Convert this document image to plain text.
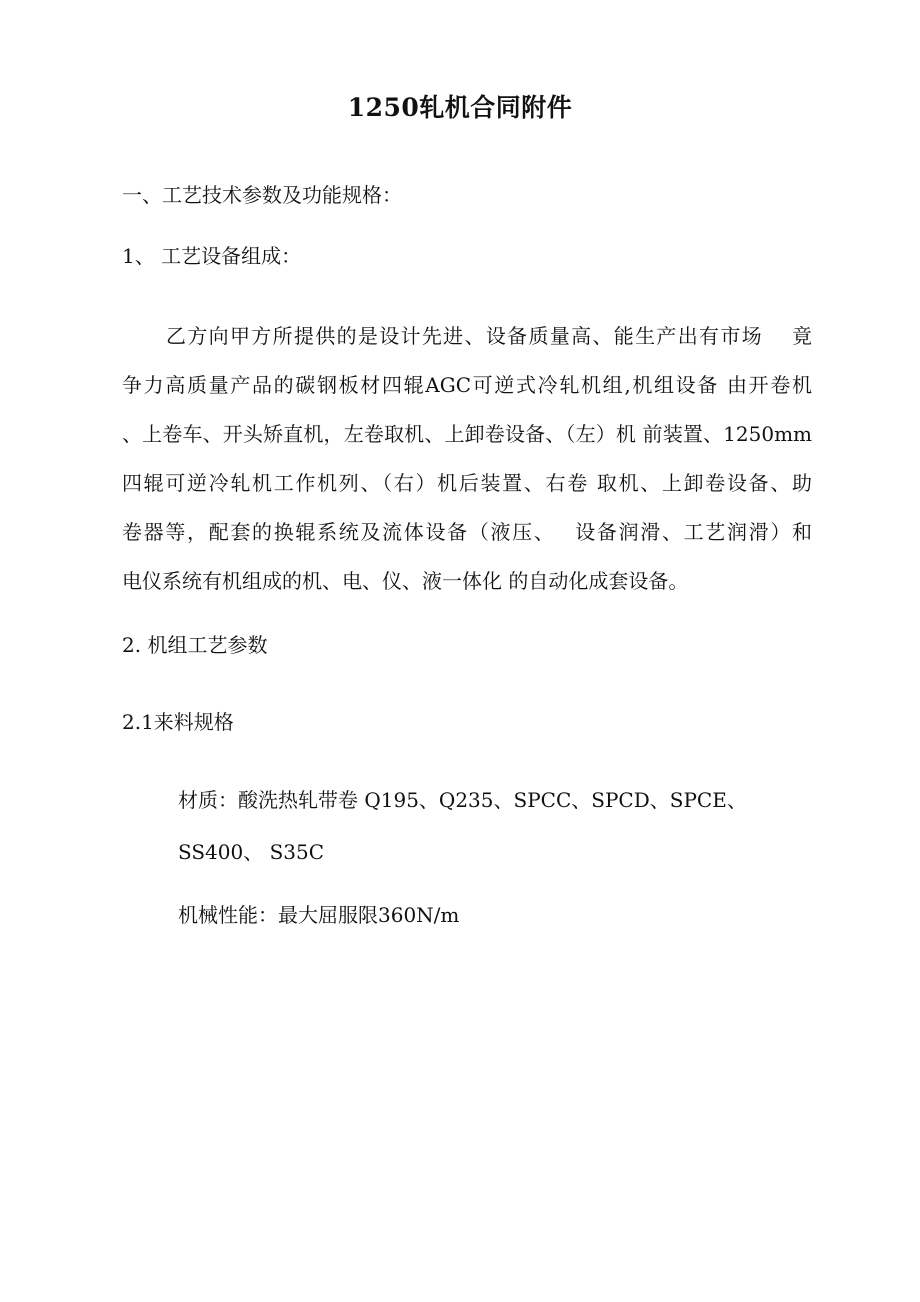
1250轧机合同附件
一、工艺技术参数及功能规格：
1、 工艺设备组成：
乙方向甲方所提供的是设计先进、设备质量高、能生产出有市场　 竟
争力高质量产品的碳钢板材四辊AGC可逆式冷轧机组,机组设备 由开卷机
、上卷车、开头矫直机，左卷取机、上卸卷设备、（左）机 前装置、1250mm
四辊可逆冷轧机工作机列、（右）机后装置、右卷 取机、上卸卷设备、助
卷器等，配套的换辊系统及流体设备（液压、　 设备润滑、工艺润滑）和
电仪系统有机组成的机、电、仪、液一体化 的自动化成套设备。
2. 机组工艺参数
2.1来料规格
材质：酸洗热轧带卷 Q195、Q235、SPCC、SPCD、SPCE、
SS400、 S35C
机械性能：最大屈服限360N/m
